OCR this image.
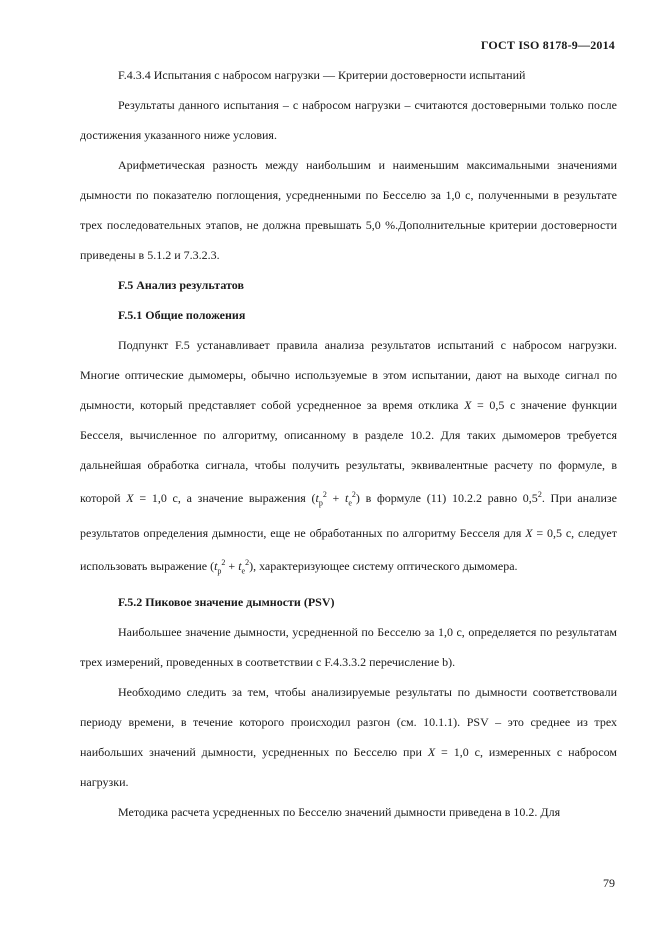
ГОСТ ISO 8178-9—2014

F.4.3.4 Испытания с набросом нагрузки — Критерии достоверности испытаний

Результаты данного испытания – с набросом нагрузки – считаются достоверными только после достижения указанного ниже условия.

Арифметическая разность между наибольшим и наименьшим максимальными значениями дымности по показателю поглощения, усредненными по Бесселю за 1,0 с, полученными в результате трех последовательных этапов, не должна превышать 5,0 %.Дополнительные критерии достоверности приведены в 5.1.2 и 7.3.2.3.

F.5 Анализ результатов

F.5.1 Общие положения

Подпункт F.5 устанавливает правила анализа результатов испытаний с набросом нагрузки. Многие оптические дымомеры, обычно используемые в этом испытании, дают на выходе сигнал по дымности, который представляет собой усредненное за время отклика X = 0,5 с значение функции Бесселя, вычисленное по алгоритму, описанному в разделе 10.2. Для таких дымомеров требуется дальнейшая обработка сигнала, чтобы получить результаты, эквивалентные расчету по формуле, в которой X = 1,0 с, а значение выражения $(t_p^2 + t_e^2)$ в формуле (11) 10.2.2 равно $0,5^2$. При анализе результатов определения дымности, еще не обработанных по алгоритму Бесселя для X = 0,5 с, следует использовать выражение $(t_p^2 + t_e^2)$, характеризующее систему оптического дымомера.

F.5.2 Пиковое значение дымности (PSV)

Наибольшее значение дымности, усредненной по Бесселю за 1,0 с, определяется по результатам трех измерений, проведенных в соответствии с F.4.3.3.2 перечисление b).

Необходимо следить за тем, чтобы анализируемые результаты по дымности соответствовали периоду времени, в течение которого происходил разгон (см. 10.1.1). PSV – это среднее из трех наибольших значений дымности, усредненных по Бесселю при X = 1,0 с, измеренных с набросом нагрузки.

Методика расчета усредненных по Бесселю значений дымности приведена в 10.2. Для

79
